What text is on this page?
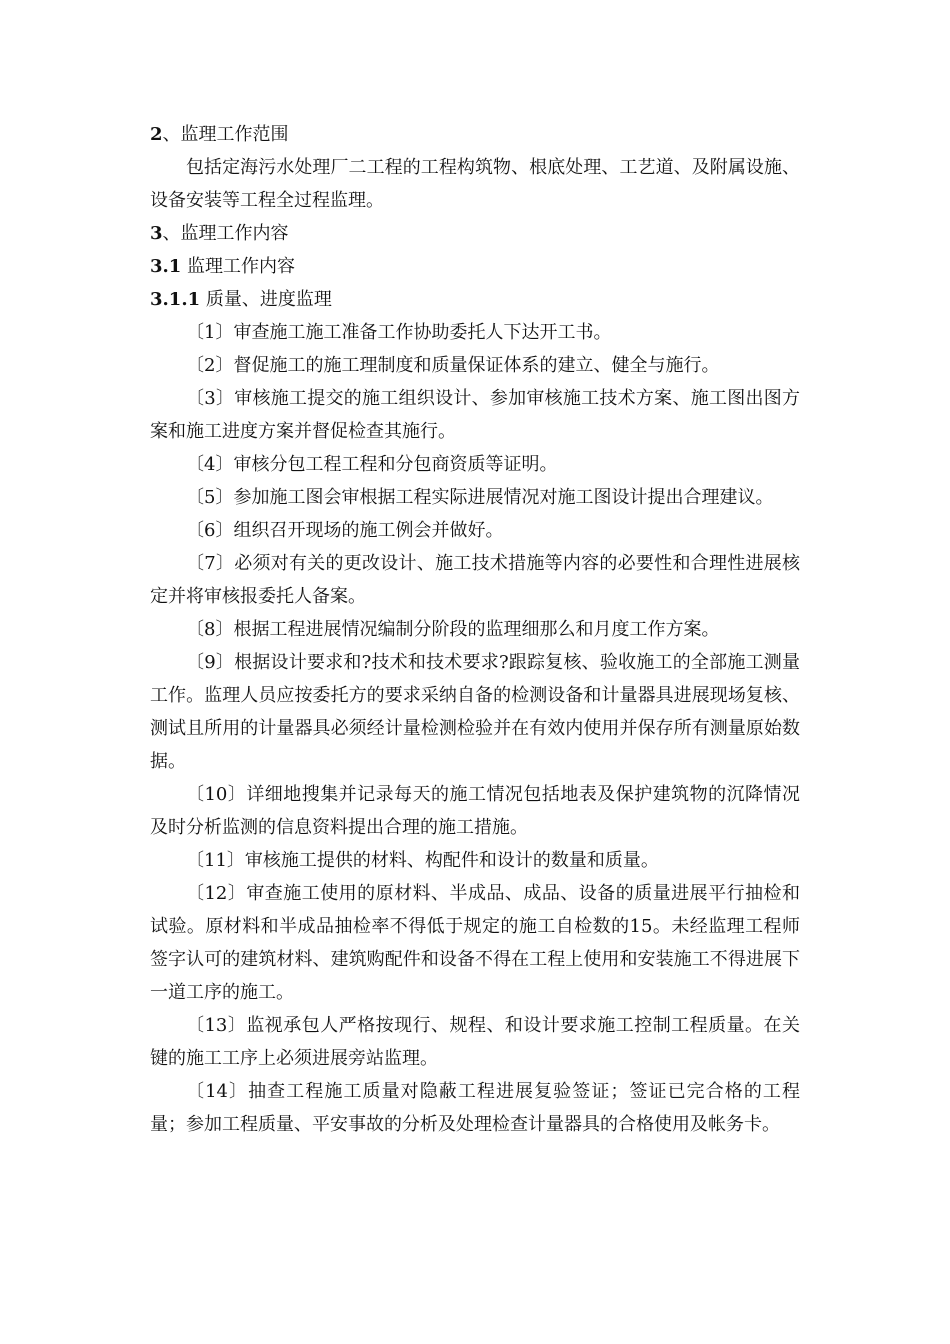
2、监理工作范围

包括定海污水处理厂二工程的工程构筑物、根底处理、工艺道、及附属设施、设备安装等工程全过程监理。

3、监理工作内容

3.1 监理工作内容

3.1.1 质量、进度监理

〔1〕审查施工施工准备工作协助委托人下达开工书。

〔2〕督促施工的施工理制度和质量保证体系的建立、健全与施行。

〔3〕审核施工提交的施工组织设计、参加审核施工技术方案、施工图出图方案和施工进度方案并督促检查其施行。

〔4〕审核分包工程工程和分包商资质等证明。

〔5〕参加施工图会审根据工程实际进展情况对施工图设计提出合理建议。

〔6〕组织召开现场的施工例会并做好。

〔7〕必须对有关的更改设计、施工技术措施等内容的必要性和合理性进展核定并将审核报委托人备案。

〔8〕根据工程进展情况编制分阶段的监理细那么和月度工作方案。

〔9〕根据设计要求和?技术和技术要求?跟踪复核、验收施工的全部施工测量工作。监理人员应按委托方的要求采纳自备的检测设备和计量器具进展现场复核、测试且所用的计量器具必须经计量检测检验并在有效内使用并保存所有测量原始数据。

〔10〕详细地搜集并记录每天的施工情况包括地表及保护建筑物的沉降情况及时分析监测的信息资料提出合理的施工措施。

〔11〕审核施工提供的材料、构配件和设计的数量和质量。

〔12〕审查施工使用的原材料、半成品、成品、设备的质量进展平行抽检和试验。原材料和半成品抽检率不得低于规定的施工自检数的15。未经监理工程师签字认可的建筑材料、建筑购配件和设备不得在工程上使用和安装施工不得进展下一道工序的施工。

〔13〕监视承包人严格按现行、规程、和设计要求施工控制工程质量。在关键的施工工序上必须进展旁站监理。

〔14〕抽查工程施工质量对隐蔽工程进展复验签证；签证已完合格的工程量；参加工程质量、平安事故的分析及处理检查计量器具的合格使用及帐务卡。
